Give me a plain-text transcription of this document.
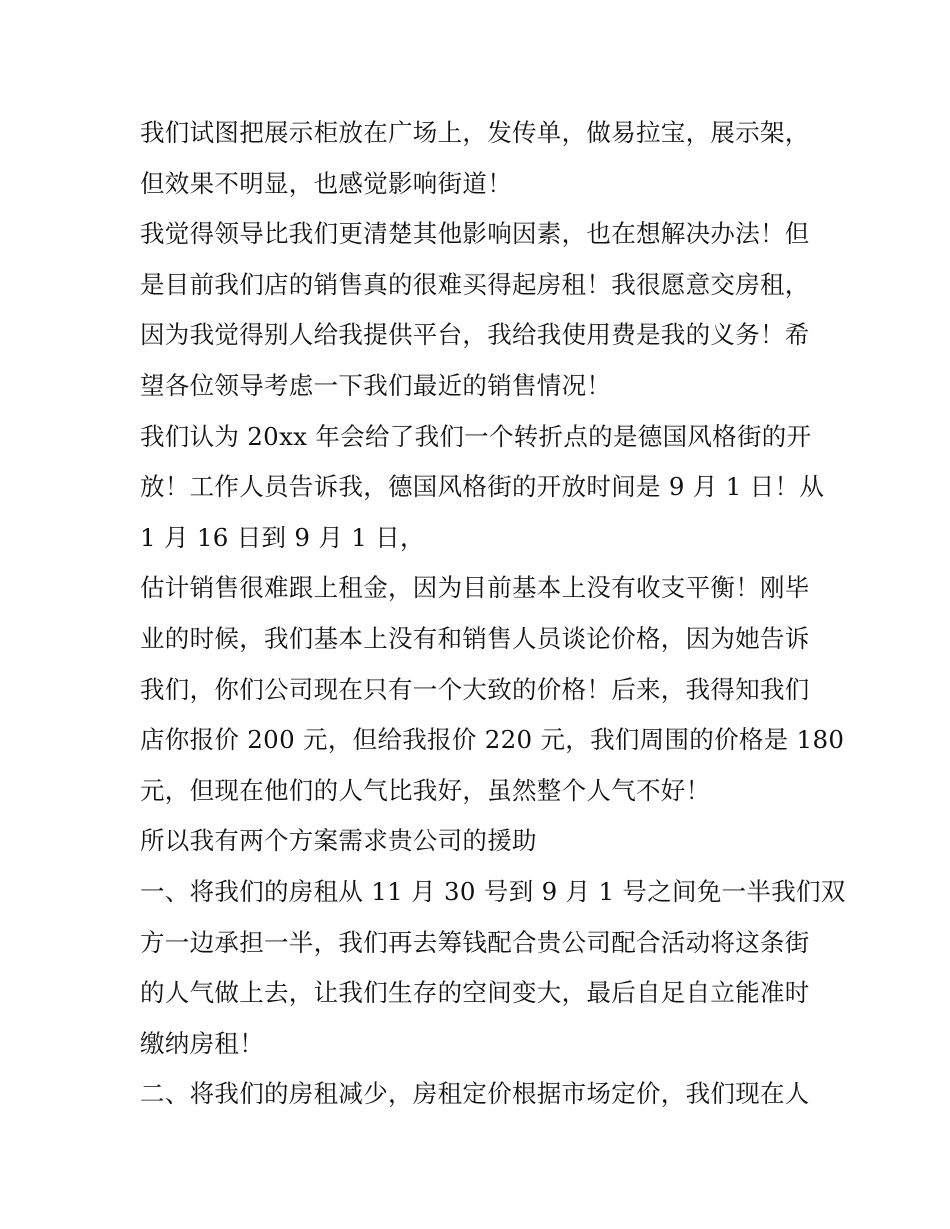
我们试图把展示柜放在广场上，发传单，做易拉宝，展示架，
但效果不明显，也感觉影响街道！

我觉得领导比我们更清楚其他影响因素，也在想解决办法！但
是目前我们店的销售真的很难买得起房租！我很愿意交房租，
因为我觉得别人给我提供平台，我给我使用费是我的义务！希
望各位领导考虑一下我们最近的销售情况！

我们认为 20xx 年会给了我们一个转折点的是德国风格街的开
放！工作人员告诉我，德国风格街的开放时间是 9 月 1 日！从
1 月 16 日到 9 月 1 日，

估计销售很难跟上租金，因为目前基本上没有收支平衡！刚毕
业的时候，我们基本上没有和销售人员谈论价格，因为她告诉
我们，你们公司现在只有一个大致的价格！后来，我得知我们
店你报价 200 元，但给我报价 220 元，我们周围的价格是 180
元，但现在他们的人气比我好，虽然整个人气不好！

所以我有两个方案需求贵公司的援助

一、将我们的房租从 11 月 30 号到 9 月 1 号之间免一半我们双
方一边承担一半，我们再去筹钱配合贵公司配合活动将这条街
的人气做上去，让我们生存的空间变大，最后自足自立能准时
缴纳房租！

二、将我们的房租减少，房租定价根据市场定价，我们现在人
